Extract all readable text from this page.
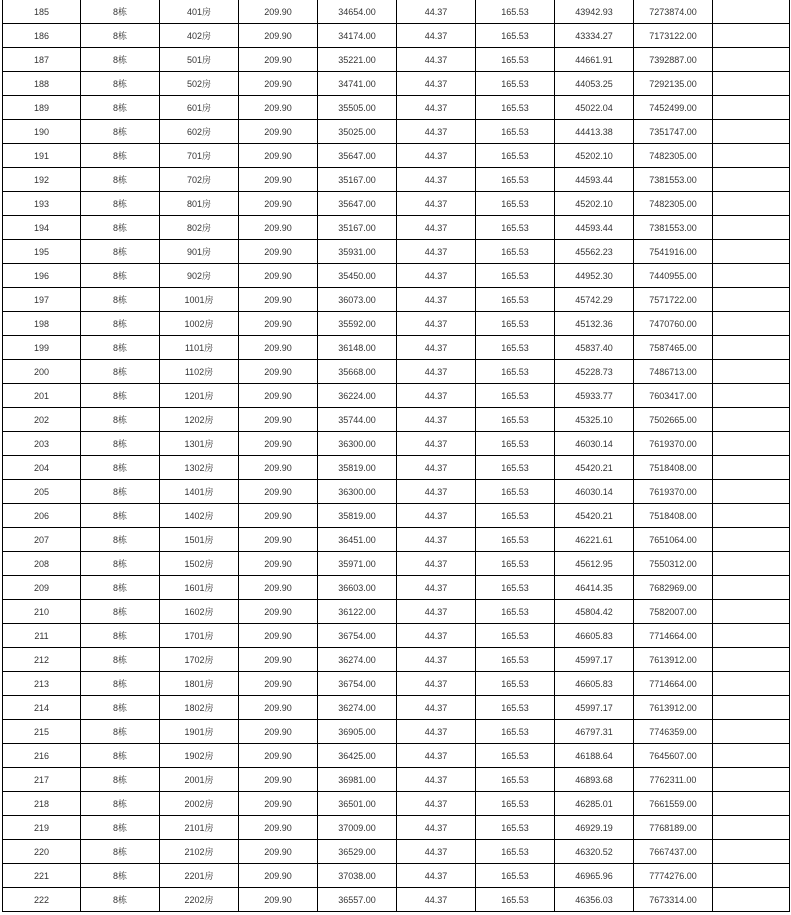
185	8栋	401房	209.90	34654.00	44.37	165.53	43942.93	7273874.00	
186	8栋	402房	209.90	34174.00	44.37	165.53	43334.27	7173122.00	
187	8栋	501房	209.90	35221.00	44.37	165.53	44661.91	7392887.00	
188	8栋	502房	209.90	34741.00	44.37	165.53	44053.25	7292135.00	
189	8栋	601房	209.90	35505.00	44.37	165.53	45022.04	7452499.00	
190	8栋	602房	209.90	35025.00	44.37	165.53	44413.38	7351747.00	
191	8栋	701房	209.90	35647.00	44.37	165.53	45202.10	7482305.00	
192	8栋	702房	209.90	35167.00	44.37	165.53	44593.44	7381553.00	
193	8栋	801房	209.90	35647.00	44.37	165.53	45202.10	7482305.00	
194	8栋	802房	209.90	35167.00	44.37	165.53	44593.44	7381553.00	
195	8栋	901房	209.90	35931.00	44.37	165.53	45562.23	7541916.00	
196	8栋	902房	209.90	35450.00	44.37	165.53	44952.30	7440955.00	
197	8栋	1001房	209.90	36073.00	44.37	165.53	45742.29	7571722.00	
198	8栋	1002房	209.90	35592.00	44.37	165.53	45132.36	7470760.00	
199	8栋	1101房	209.90	36148.00	44.37	165.53	45837.40	7587465.00	
200	8栋	1102房	209.90	35668.00	44.37	165.53	45228.73	7486713.00	
201	8栋	1201房	209.90	36224.00	44.37	165.53	45933.77	7603417.00	
202	8栋	1202房	209.90	35744.00	44.37	165.53	45325.10	7502665.00	
203	8栋	1301房	209.90	36300.00	44.37	165.53	46030.14	7619370.00	
204	8栋	1302房	209.90	35819.00	44.37	165.53	45420.21	7518408.00	
205	8栋	1401房	209.90	36300.00	44.37	165.53	46030.14	7619370.00	
206	8栋	1402房	209.90	35819.00	44.37	165.53	45420.21	7518408.00	
207	8栋	1501房	209.90	36451.00	44.37	165.53	46221.61	7651064.00	
208	8栋	1502房	209.90	35971.00	44.37	165.53	45612.95	7550312.00	
209	8栋	1601房	209.90	36603.00	44.37	165.53	46414.35	7682969.00	
210	8栋	1602房	209.90	36122.00	44.37	165.53	45804.42	7582007.00	
211	8栋	1701房	209.90	36754.00	44.37	165.53	46605.83	7714664.00	
212	8栋	1702房	209.90	36274.00	44.37	165.53	45997.17	7613912.00	
213	8栋	1801房	209.90	36754.00	44.37	165.53	46605.83	7714664.00	
214	8栋	1802房	209.90	36274.00	44.37	165.53	45997.17	7613912.00	
215	8栋	1901房	209.90	36905.00	44.37	165.53	46797.31	7746359.00	
216	8栋	1902房	209.90	36425.00	44.37	165.53	46188.64	7645607.00	
217	8栋	2001房	209.90	36981.00	44.37	165.53	46893.68	7762311.00	
218	8栋	2002房	209.90	36501.00	44.37	165.53	46285.01	7661559.00	
219	8栋	2101房	209.90	37009.00	44.37	165.53	46929.19	7768189.00	
220	8栋	2102房	209.90	36529.00	44.37	165.53	46320.52	7667437.00	
221	8栋	2201房	209.90	37038.00	44.37	165.53	46965.96	7774276.00	
222	8栋	2202房	209.90	36557.00	44.37	165.53	46356.03	7673314.00	
